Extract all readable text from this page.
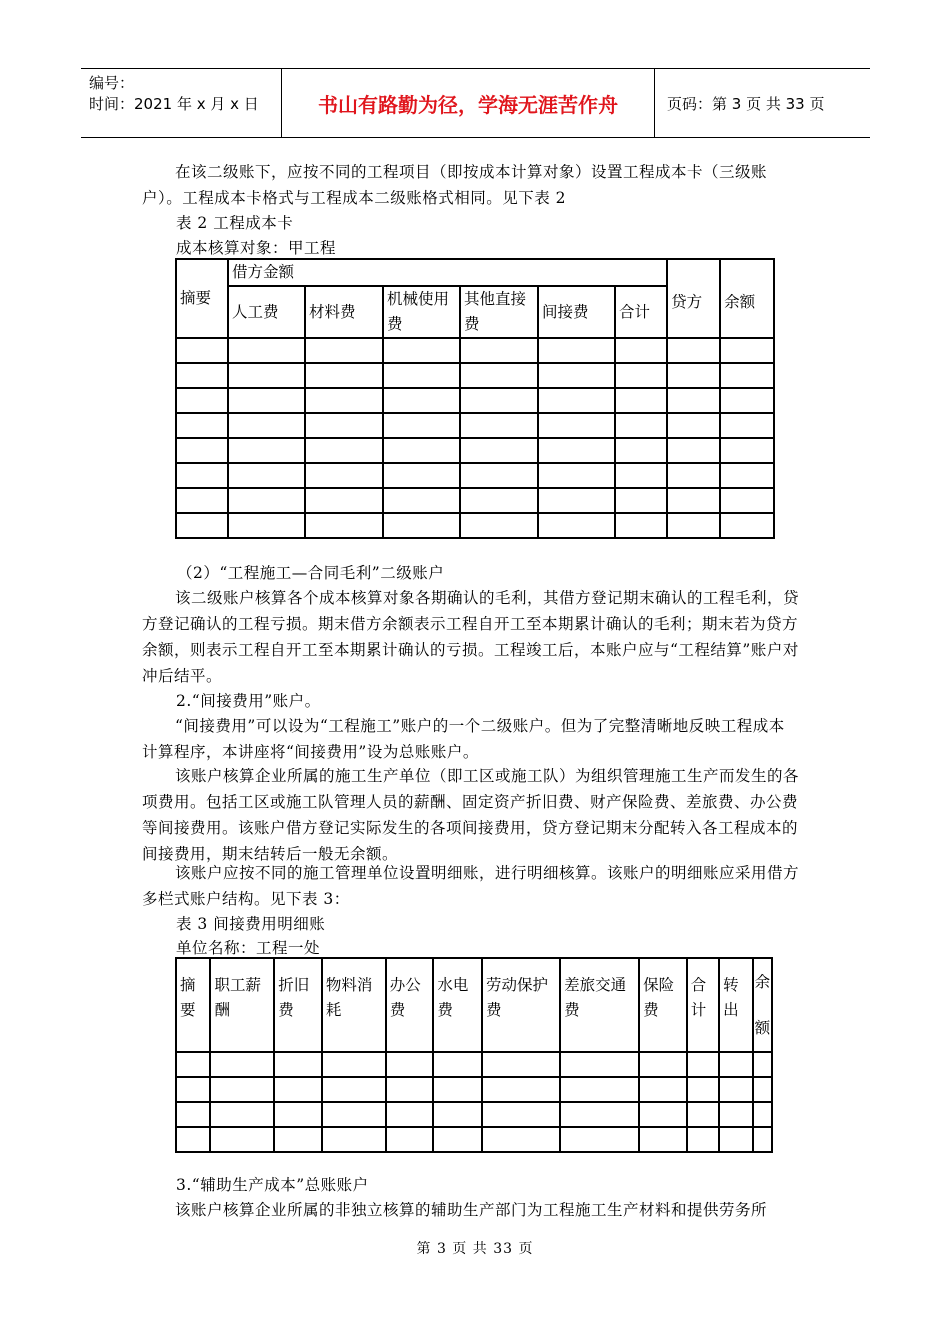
编号：
时间：2021 年 x 月 x 日	书山有路勤为径，学海无涯苦作舟	页码：第 3 页 共 33 页

在该二级账下，应按不同的工程项目（即按成本计算对象）设置工程成本卡（三级账户）。工程成本卡格式与工程成本二级账格式相同。见下表 2

表 2 工程成本卡

成本核算对象：甲工程

摘要	借方金额						贷方	余额
	人工费	材料费	机械使用费	其他直接费	间接费	合计		

（2）“工程施工—合同毛利”二级账户

该二级账户核算各个成本核算对象各期确认的毛利，其借方登记期末确认的工程毛利，贷方登记确认的工程亏损。期末借方余额表示工程自开工至本期累计确认的毛利；期末若为贷方余额，则表示工程自开工至本期累计确认的亏损。工程竣工后，本账户应与“工程结算”账户对冲后结平。

2.“间接费用”账户。

“间接费用”可以设为“工程施工”账户的一个二级账户。但为了完整清晰地反映工程成本计算程序，本讲座将“间接费用”设为总账账户。

该账户核算企业所属的施工生产单位（即工区或施工队）为组织管理施工生产而发生的各项费用。包括工区或施工队管理人员的薪酬、固定资产折旧费、财产保险费、差旅费、办公费等间接费用。该账户借方登记实际发生的各项间接费用，贷方登记期末分配转入各工程成本的间接费用，期末结转后一般无余额。

该账户应按不同的施工管理单位设置明细账，进行明细核算。该账户的明细账应采用借方多栏式账户结构。见下表 3：

表 3 间接费用明细账

单位名称：工程一处

摘要	职工薪酬	折旧费	物料消耗	办公费	水电费	劳动保护费	差旅交通费	保险费	合计	转出	余额

3.“辅助生产成本”总账账户

该账户核算企业所属的非独立核算的辅助生产部门为工程施工生产材料和提供劳务所

第 3 页 共 33 页
